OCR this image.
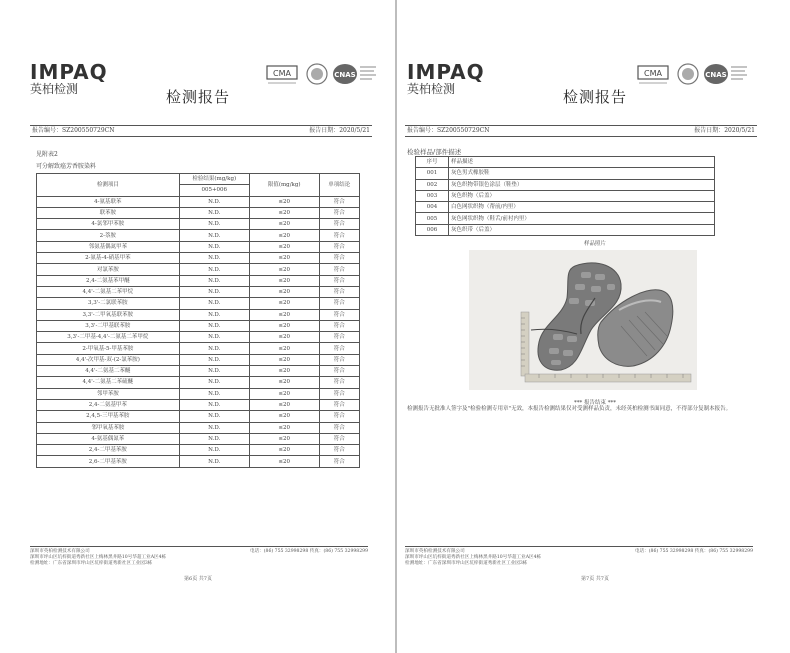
IMPAQ
英柏检测
CMA	CNAS
检测报告
报告编号：SZ200550729CN	报告日期：2020/5/21
见附表2
可分解致癌芳香胺染料
检测项目	检验结果(mg/kg)	限值(mg/kg)	单项结论
	005+006		
4-氨基联苯	N.D.	≤20	符合
联苯胺	N.D.	≤20	符合
4-氯邻甲苯胺	N.D.	≤20	符合
2-萘胺	N.D.	≤20	符合
邻氨基偶氮甲苯	N.D.	≤20	符合
2-氨基-4-硝基甲苯	N.D.	≤20	符合
对氯苯胺	N.D.	≤20	符合
2,4-二氨基苯甲醚	N.D.	≤20	符合
4,4'-二氨基二苯甲烷	N.D.	≤20	符合
3,3'-二氯联苯胺	N.D.	≤20	符合
3,3'-二甲氧基联苯胺	N.D.	≤20	符合
3,3'-二甲基联苯胺	N.D.	≤20	符合
3,3'-二甲基-4,4'-二氨基二苯甲烷	N.D.	≤20	符合
2-甲氧基-5-甲基苯胺	N.D.	≤20	符合
4,4'-次甲基-双-(2-氯苯胺)	N.D.	≤20	符合
4,4'-二氨基二苯醚	N.D.	≤20	符合
4,4'-二氨基二苯硫醚	N.D.	≤20	符合
邻甲苯胺	N.D.	≤20	符合
2,4-二氨基甲苯	N.D.	≤20	符合
2,4,5-三甲基苯胺	N.D.	≤20	符合
邻甲氧基苯胺	N.D.	≤20	符合
4-氨基偶氮苯	N.D.	≤20	符合
2,4-二甲基苯胺	N.D.	≤20	符合
2,6-二甲基苯胺	N.D.	≤20	符合
深圳市英柏检测技术有限公司	电话：(86) 755 32998298 传真：(86) 755 32998299
深圳市坪山区坑梓街道秀新社区上梅林黑井路10号华超工业A区4栋
检测地址：广东省深圳市坪山区坑梓街道秀新社区工业园3栋
第6页 共7页
IMPAQ
英柏检测
CMA	CNAS
检测报告
报告编号：SZ200550729CN	报告日期：2020/5/21
检验样品/部件描述
序号	样品描述
001	灰色男式橡胶鞋
002	灰色织物带银色涂层（鞋垫）
003	灰色织物（后盖）
004	白色网状织物（帮前/内里）
005	灰色网状织物（鞋舌/前衬内里）
006	灰色织带（后盖）
样品照片
*** 报告结束 ***
检测报告无批准人签字及"检验检测专用章"无效，本报告检测结果仅对受测样品负责，未经英柏检测书面同意，不得部分复制本报告。
深圳市英柏检测技术有限公司	电话：(86) 755 32998298 传真：(86) 755 32998299
深圳市坪山区坑梓街道秀新社区上梅林黑井路10号华超工业A区4栋
检测地址：广东省深圳市坪山区坑梓街道秀新社区工业园3栋
第7页 共7页
